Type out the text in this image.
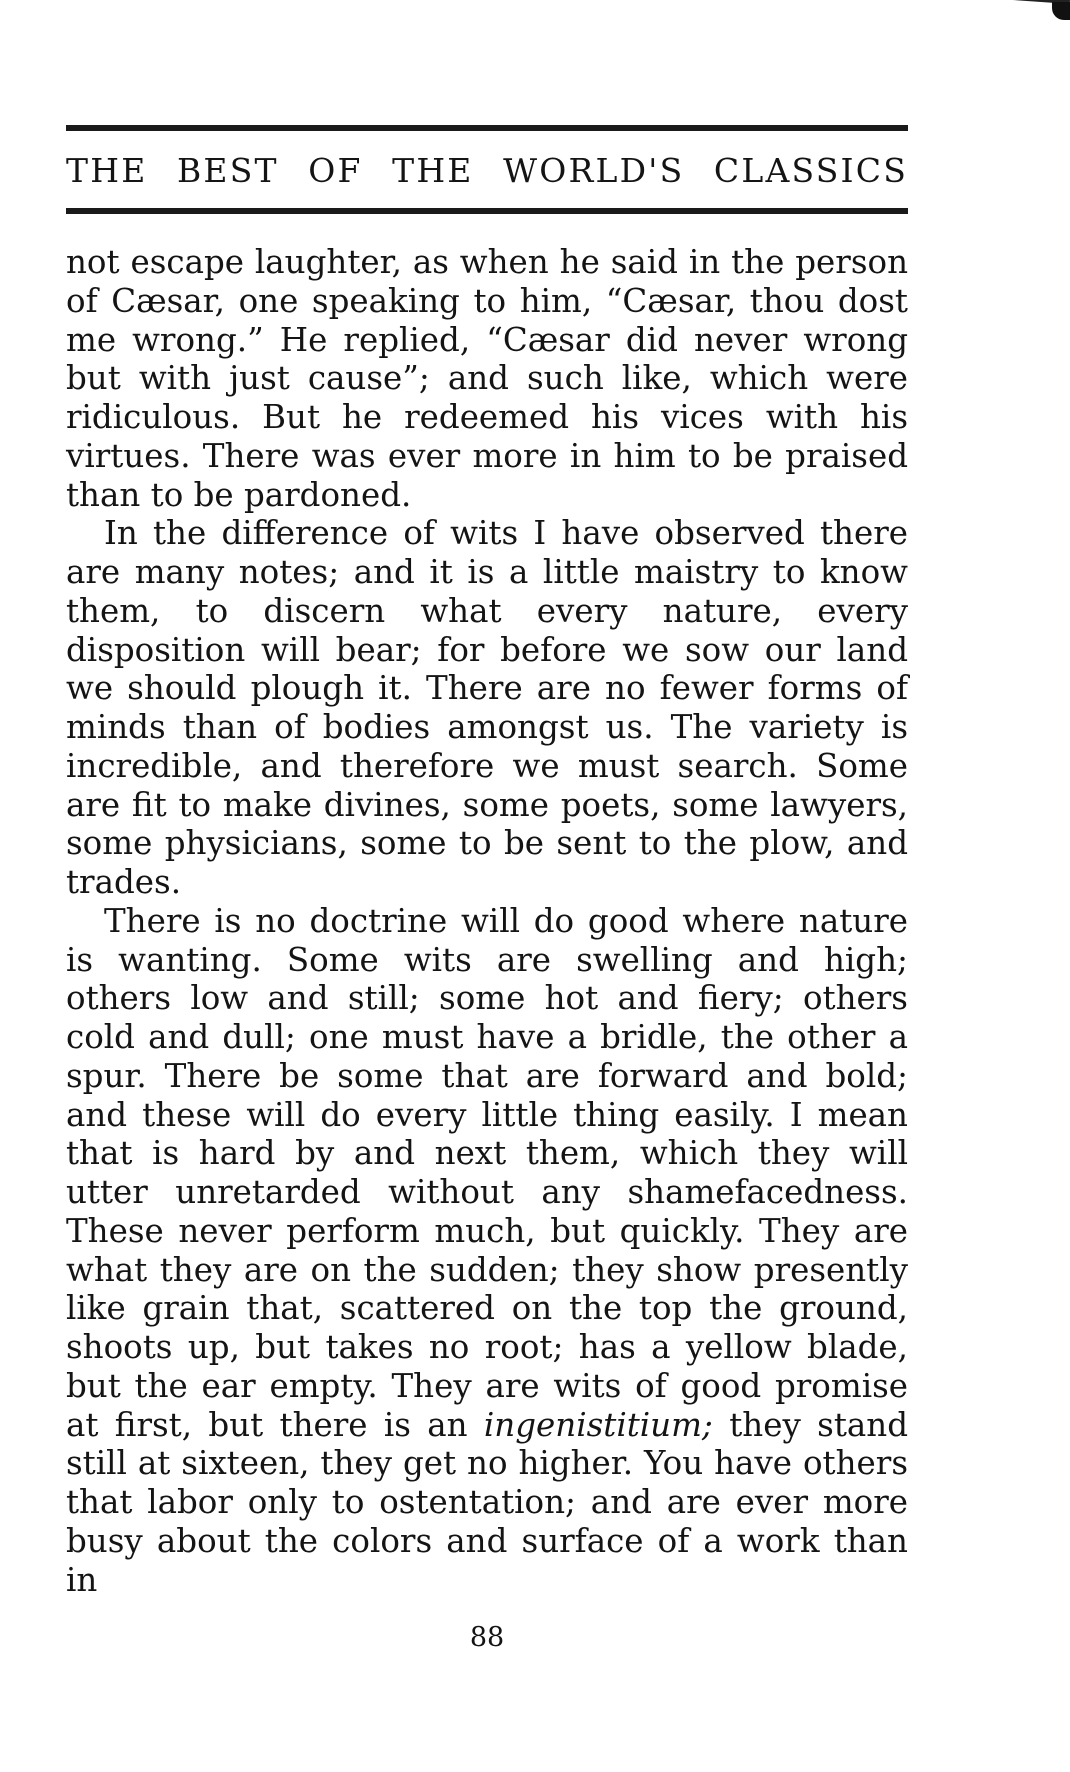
THE BEST OF THE WORLD'S CLASSICS

not escape laughter, as when he said in the person of Cæsar, one speaking to him, “Cæsar, thou dost me wrong.” He replied, “Cæsar did never wrong but with just cause”; and such like, which were ridiculous. But he redeemed his vices with his virtues. There was ever more in him to be praised than to be pardoned.

In the difference of wits I have observed there are many notes; and it is a little maistry to know them, to discern what every nature, every disposition will bear; for before we sow our land we should plough it. There are no fewer forms of minds than of bodies amongst us. The variety is incredible, and therefore we must search. Some are fit to make divines, some poets, some lawyers, some physicians, some to be sent to the plow, and trades.

There is no doctrine will do good where nature is wanting. Some wits are swelling and high; others low and still; some hot and fiery; others cold and dull; one must have a bridle, the other a spur. There be some that are forward and bold; and these will do every little thing easily. I mean that is hard by and next them, which they will utter unretarded without any shamefacedness. These never perform much, but quickly. They are what they are on the sudden; they show presently like grain that, scattered on the top the ground, shoots up, but takes no root; has a yellow blade, but the ear empty. They are wits of good promise at first, but there is an ingenistitium; they stand still at sixteen, they get no higher. You have others that labor only to ostentation; and are ever more busy about the colors and surface of a work than in

88
